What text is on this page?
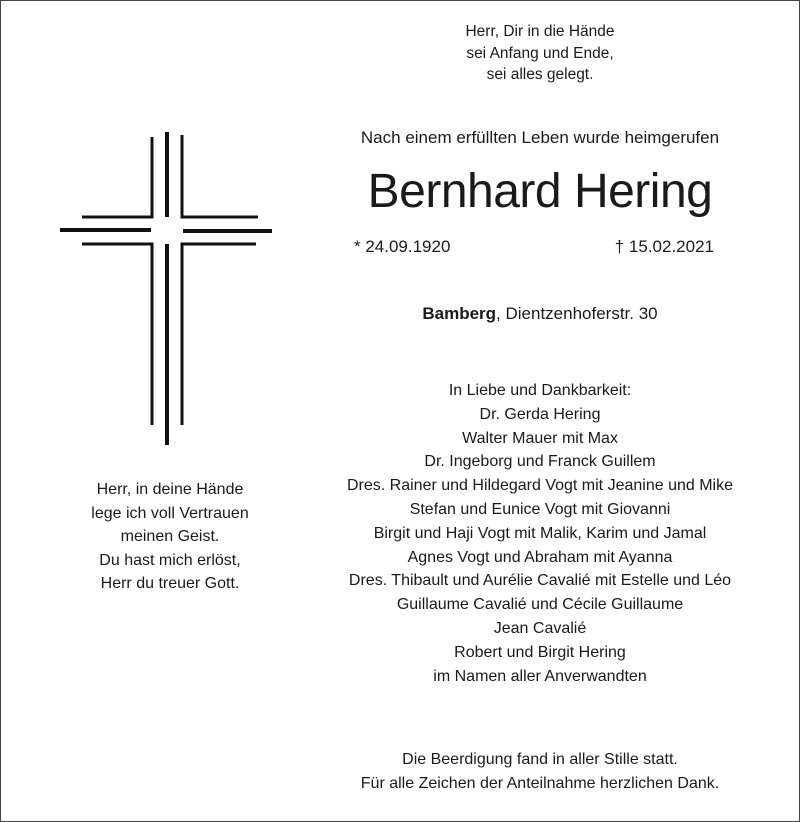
Herr, Dir in die Hände
sei Anfang und Ende,
sei alles gelegt.
Nach einem erfüllten Leben wurde heimgerufen
Bernhard Hering
* 24.09.1920	† 15.02.2021
Bamberg, Dientzenhoferstr. 30
In Liebe und Dankbarkeit:
Dr. Gerda Hering
Walter Mauer mit Max
Dr. Ingeborg und Franck Guillem
Dres. Rainer und Hildegard Vogt mit Jeanine und Mike
Stefan und Eunice Vogt mit Giovanni
Birgit und Haji Vogt mit Malik, Karim und Jamal
Agnes Vogt und Abraham mit Ayanna
Dres. Thibault und Aurélie Cavalié mit Estelle und Léo
Guillaume Cavalié und Cécile Guillaume
Jean Cavalié
Robert und Birgit Hering
im Namen aller Anverwandten
Herr, in deine Hände
lege ich voll Vertrauen
meinen Geist.
Du hast mich erlöst,
Herr du treuer Gott.
Die Beerdigung fand in aller Stille statt.
Für alle Zeichen der Anteilnahme herzlichen Dank.
